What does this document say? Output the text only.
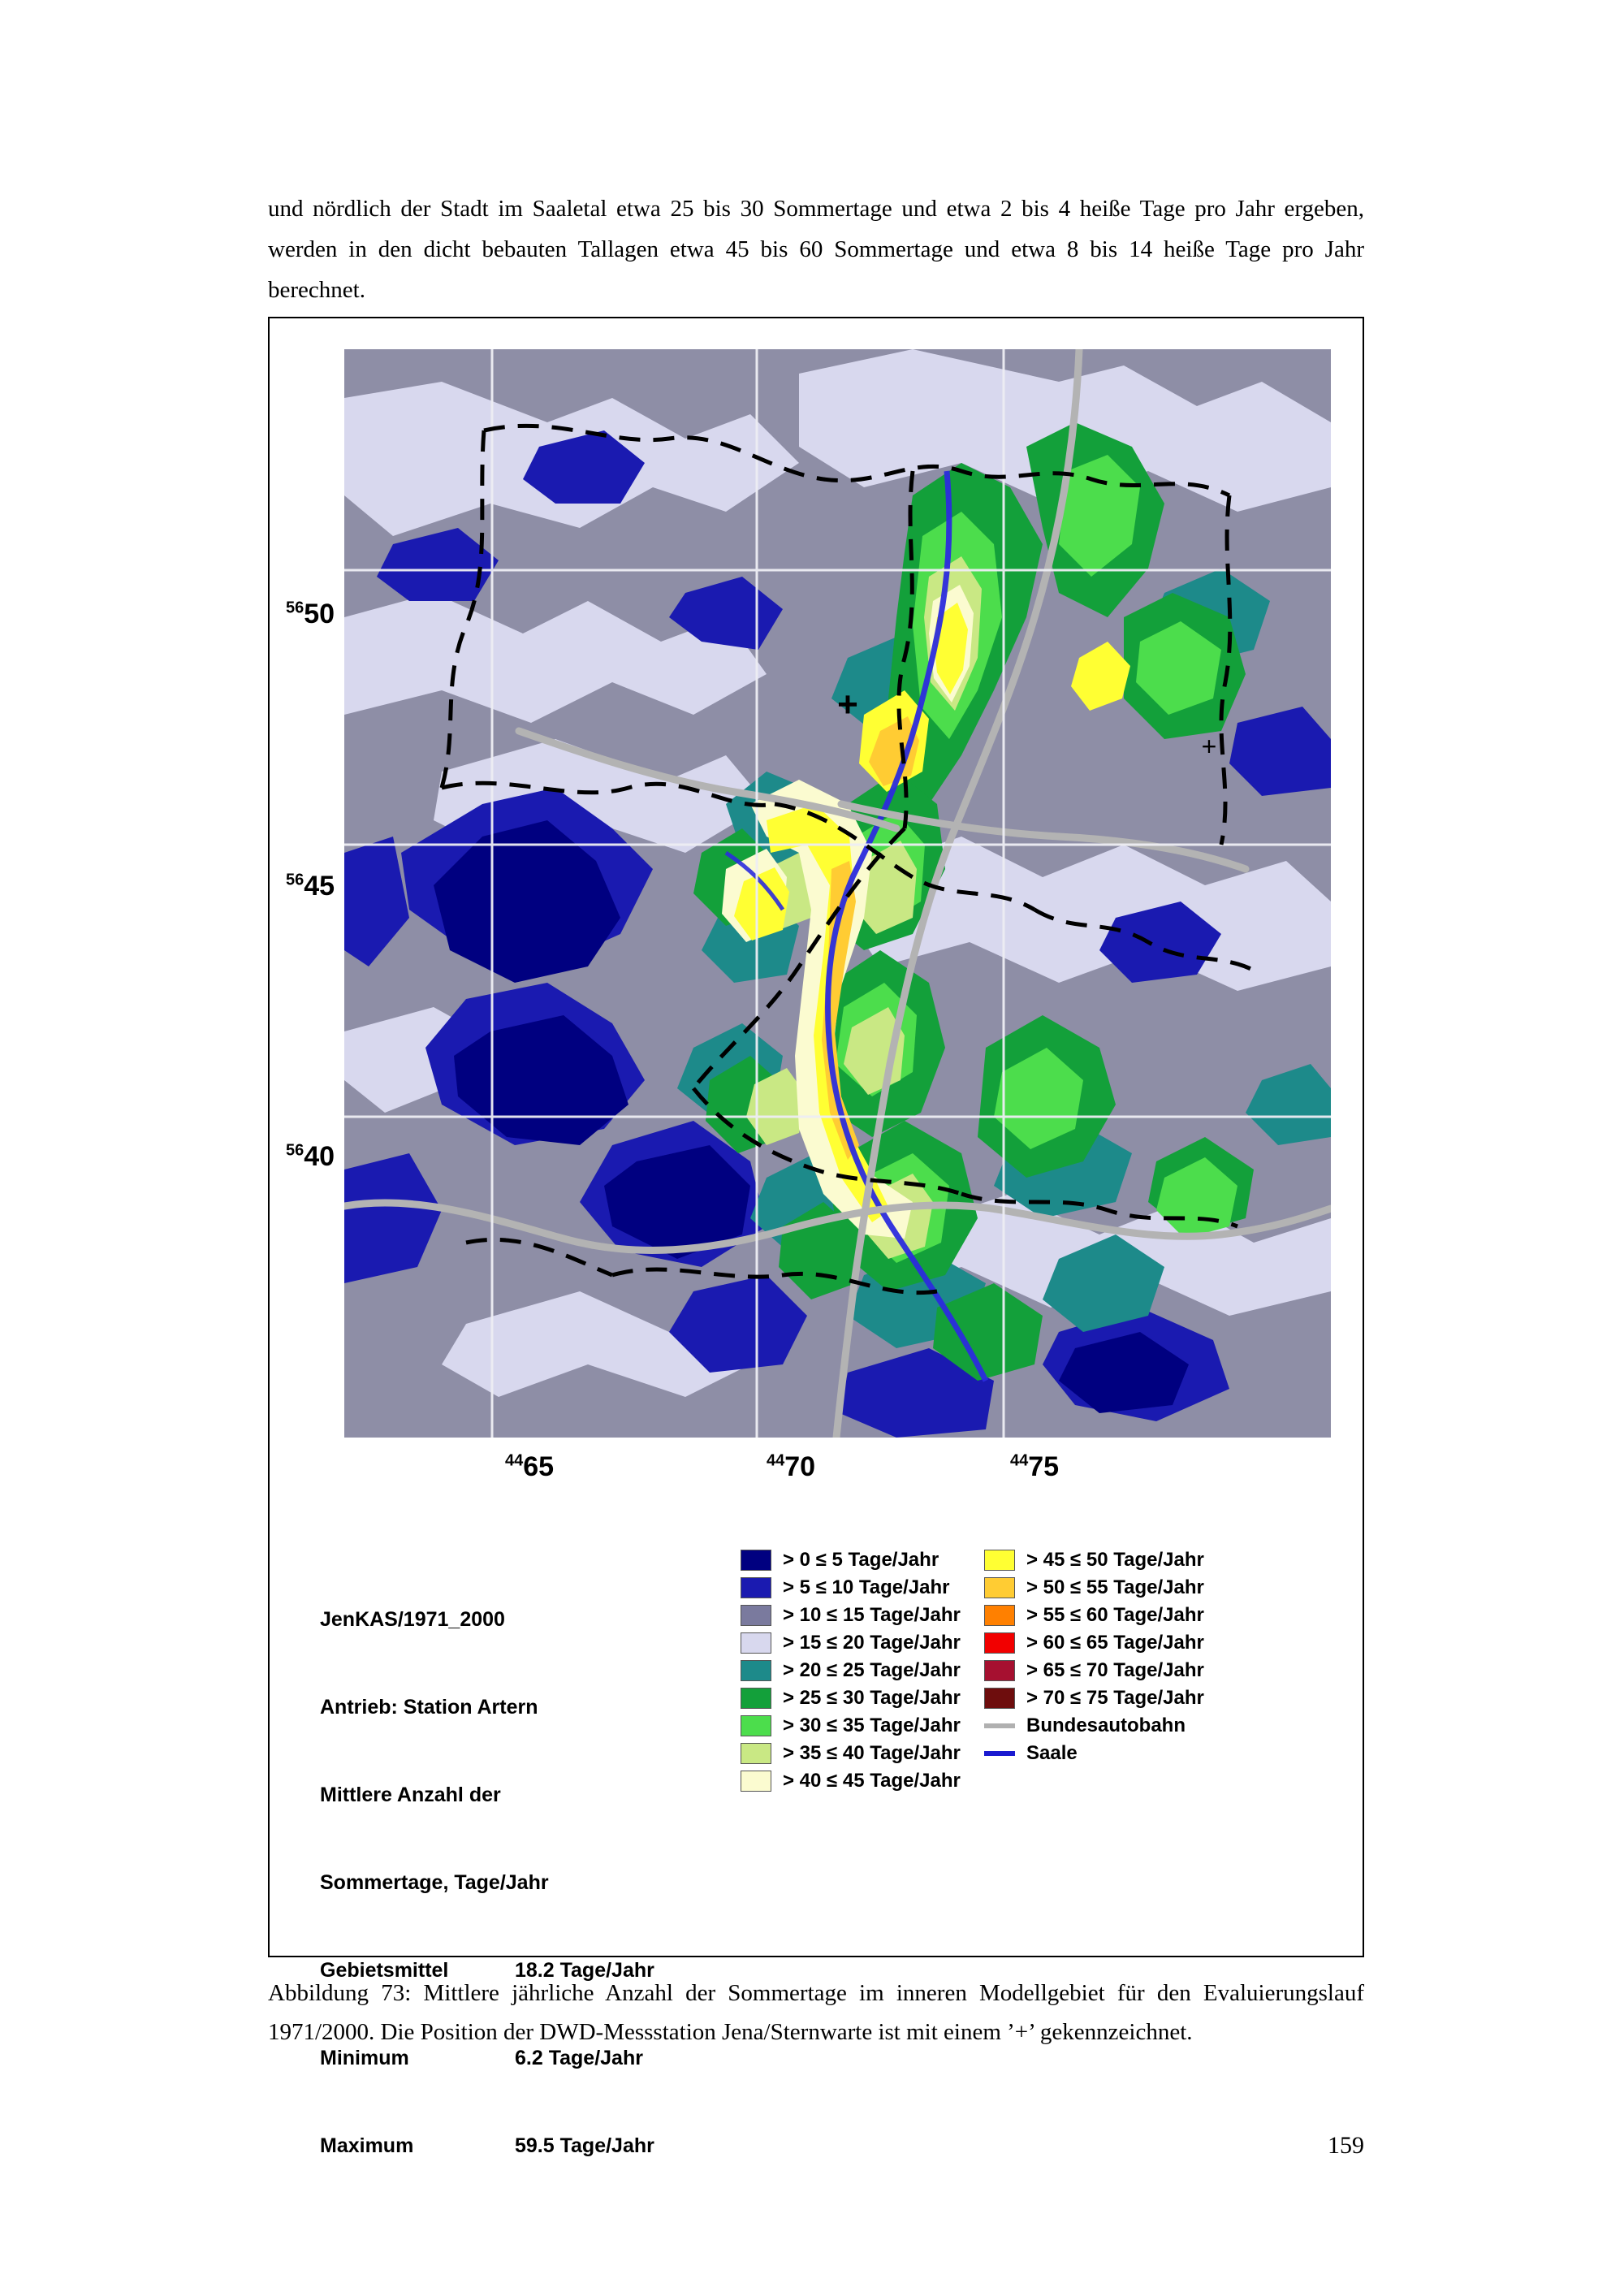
und nördlich der Stadt im Saaletal etwa 25 bis 30 Sommertage und etwa 2 bis 4 heiße Tage pro Jahr ergeben, werden in den dicht bebauten Tallagen etwa 45 bis 60 Sommertage und etwa 8 bis 14 heiße Tage pro Jahr berechnet.
$^{56}$50
$^{56}$45
$^{56}$40
$^{44}$65	$^{44}$70	$^{44}$75
+
+

JenKAS/1971_2000

Antrieb: Station Artern

Mittlere Anzahl der

Sommertage, Tage/Jahr

Gebietsmittel	18.2 Tage/Jahr

Minimum	6.2 Tage/Jahr

Maximum	59.5 Tage/Jahr

> 0 ≤ 5 Tage/Jahr
> 5 ≤ 10 Tage/Jahr
> 10 ≤ 15 Tage/Jahr
> 15 ≤ 20 Tage/Jahr
> 20 ≤ 25 Tage/Jahr
> 25 ≤ 30 Tage/Jahr
> 30 ≤ 35 Tage/Jahr
> 35 ≤ 40 Tage/Jahr
> 40 ≤ 45 Tage/Jahr
> 45 ≤ 50 Tage/Jahr
> 50 ≤ 55 Tage/Jahr
> 55 ≤ 60 Tage/Jahr
> 60 ≤ 65 Tage/Jahr
> 65 ≤ 70 Tage/Jahr
> 70 ≤ 75 Tage/Jahr
Bundesautobahn
Saale
Abbildung 73: Mittlere jährliche Anzahl der Sommertage im inneren Modellgebiet für den Evaluierungslauf 1971/2000. Die Position der DWD-Messstation Jena/Sternwarte ist mit einem ’+’ gekennzeichnet.
159
